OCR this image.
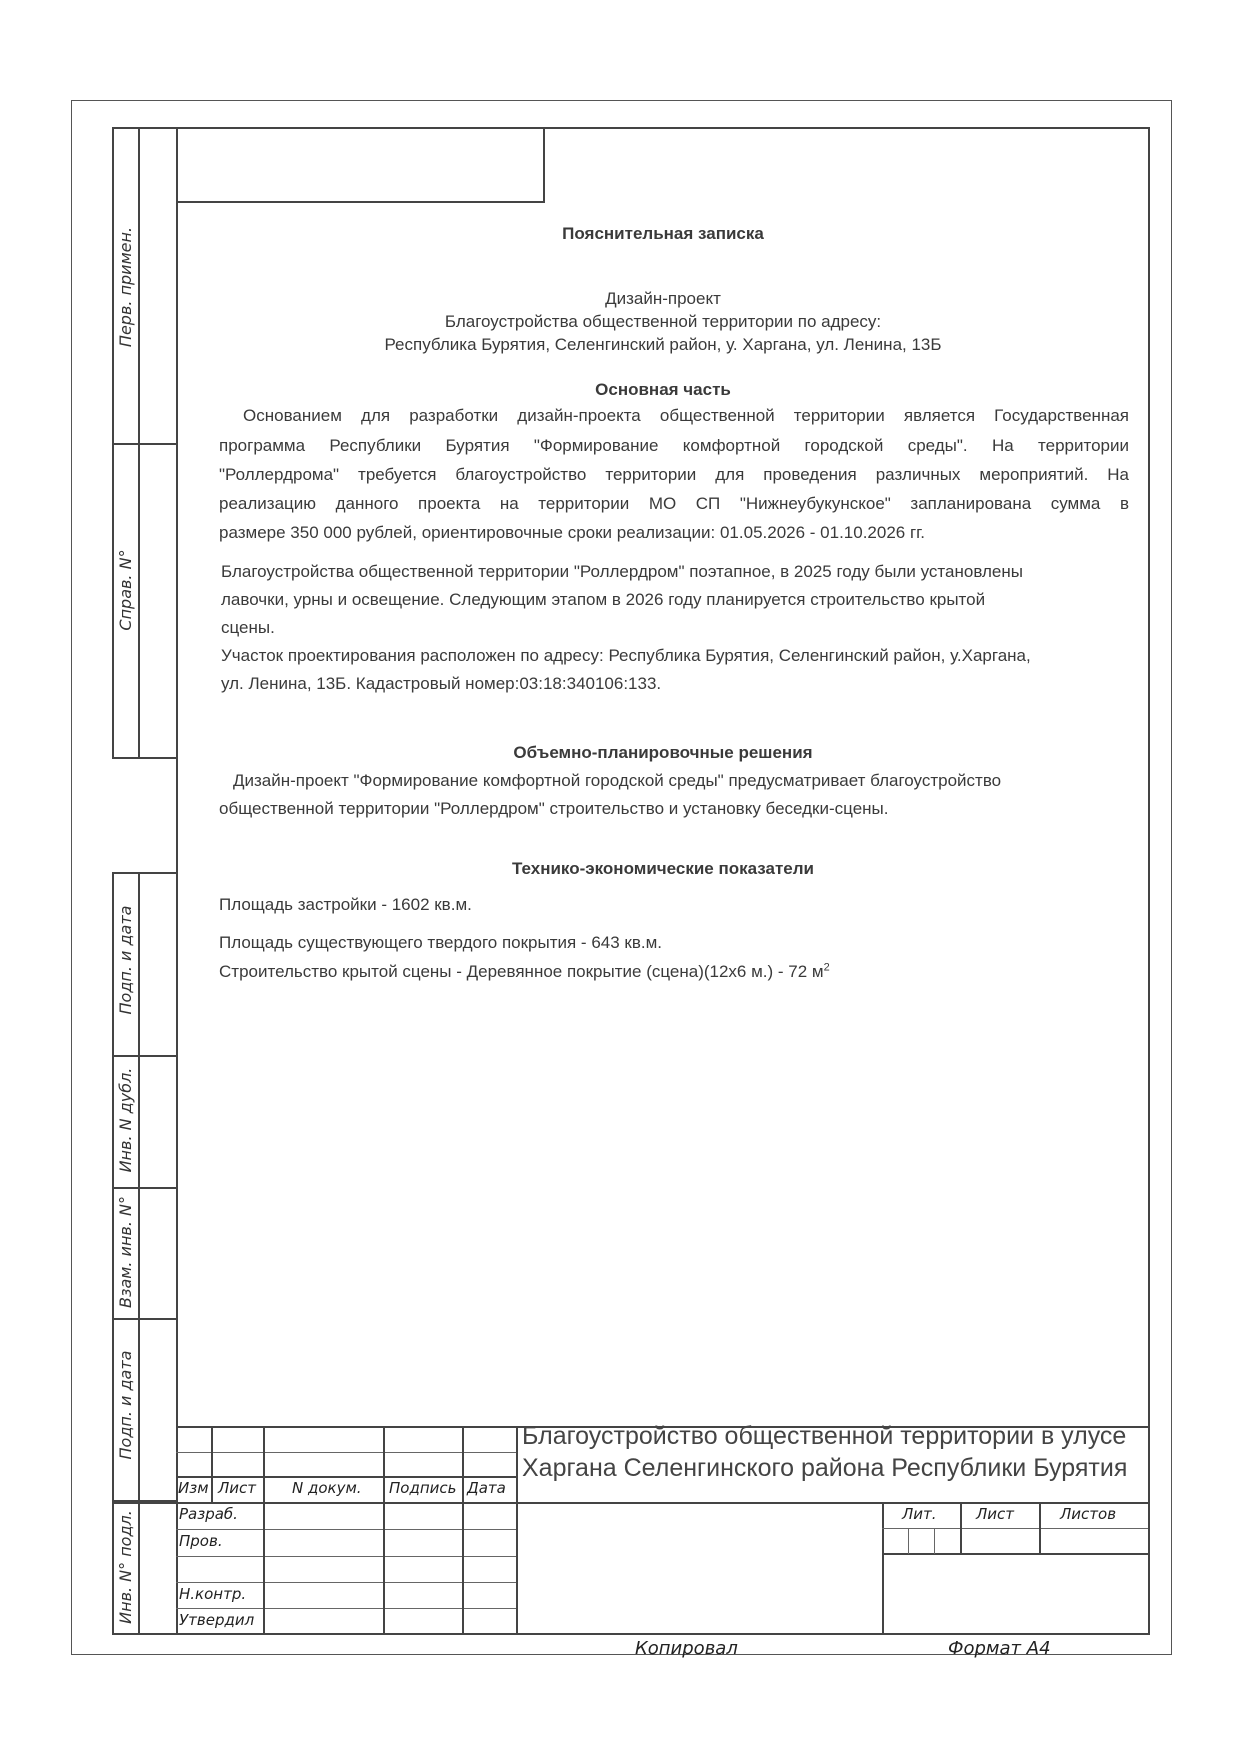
Перв. примен.
Справ. N°
Подп. и дата
Инв. N дубл.
Взам. инв. N°
Подп. и дата
Инв. N° подл.
Пояснительная записка
Дизайн-проект
Благоустройства общественной территории по адресу:
Республика Бурятия, Селенгинский район, у. Харгана, ул. Ленина, 13Б
Основная часть
Основанием для разработки дизайн-проекта общественной территории является Государственная
программа Республики Бурятия "Формирование комфортной городской среды". На территории
"Роллердрома" требуется благоустройство территории для проведения различных мероприятий. На
реализацию данного проекта на территории МО СП "Нижнеубукунское" запланирована сумма в
размере 350 000 рублей, ориентировочные сроки реализации: 01.05.2026 - 01.10.2026 гг.
Благоустройства общественной территории "Роллердром" поэтапное, в 2025 году были установлены
лавочки, урны и освещение. Следующим этапом в 2026 году планируется строительство крытой
сцены.
Участок проектирования расположен по адресу: Республика Бурятия, Селенгинский район, у.Харгана,
ул. Ленина, 13Б. Кадастровый номер:03:18:340106:133.
Объемно-планировочные решения
Дизайн-проект "Формирование комфортной городской среды" предусматривает благоустройство
общественной территории "Роллердром" строительство и установку беседки-сцены.
Технико-экономические показатели
Площадь застройки - 1602 кв.м.
Площадь существующего твердого покрытия - 643 кв.м.
Строительство крытой сцены - Деревянное покрытие (сцена)(12х6 м.) - 72 $м^2$
Благоустройство общественной территории в улусе
Харгана Селенгинского района Республики Бурятия
Изм Лист N докум. Подпись Дата
Разраб.
Пров.
Н.контр.
Утвердил
Лит.	Лист	Листов
Копировал	Формат А4
